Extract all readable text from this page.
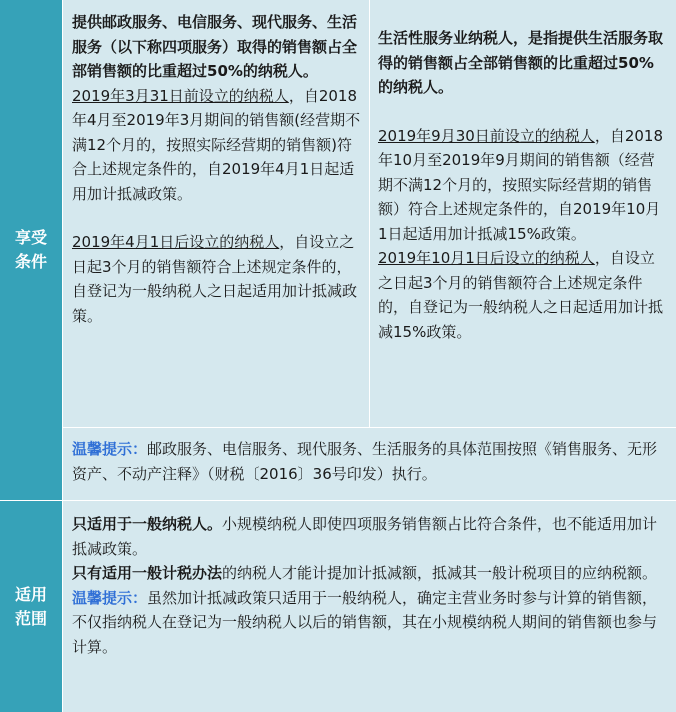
享受
条件
提供邮政服务、电信服务、现代服务、生活服务（以下称四项服务）取得的销售额占全部销售额的比重超过50%的纳税人。
2019年3月31日前设立的纳税人，自2018年4月至2019年3月期间的销售额(经营期不满12个月的，按照实际经营期的销售额)符合上述规定条件的，自2019年4月1日起适用加计抵减政策。
2019年4月1日后设立的纳税人，自设立之日起3个月的销售额符合上述规定条件的，自登记为一般纳税人之日起适用加计抵减政策。
生活性服务业纳税人，是指提供生活服务取得的销售额占全部销售额的比重超过50%的纳税人。
2019年9月30日前设立的纳税人，自2018年10月至2019年9月期间的销售额（经营期不满12个月的，按照实际经营期的销售额）符合上述规定条件的，自2019年10月1日起适用加计抵减15%政策。
2019年10月1日后设立的纳税人，自设立之日起3个月的销售额符合上述规定条件的，自登记为一般纳税人之日起适用加计抵减15%政策。
温馨提示：邮政服务、电信服务、现代服务、生活服务的具体范围按照《销售服务、无形资产、不动产注释》（财税〔2016〕36号印发）执行。
适用
范围

只适用于一般纳税人。小规模纳税人即使四项服务销售额占比符合条件，也不能适用加计抵减政策。

只有适用一般计税办法的纳税人才能计提加计抵减额，抵减其一般计税项目的应纳税额。

温馨提示：虽然加计抵减政策只适用于一般纳税人，确定主营业务时参与计算的销售额，不仅指纳税人在登记为一般纳税人以后的销售额，其在小规模纳税人期间的销售额也参与计算。
